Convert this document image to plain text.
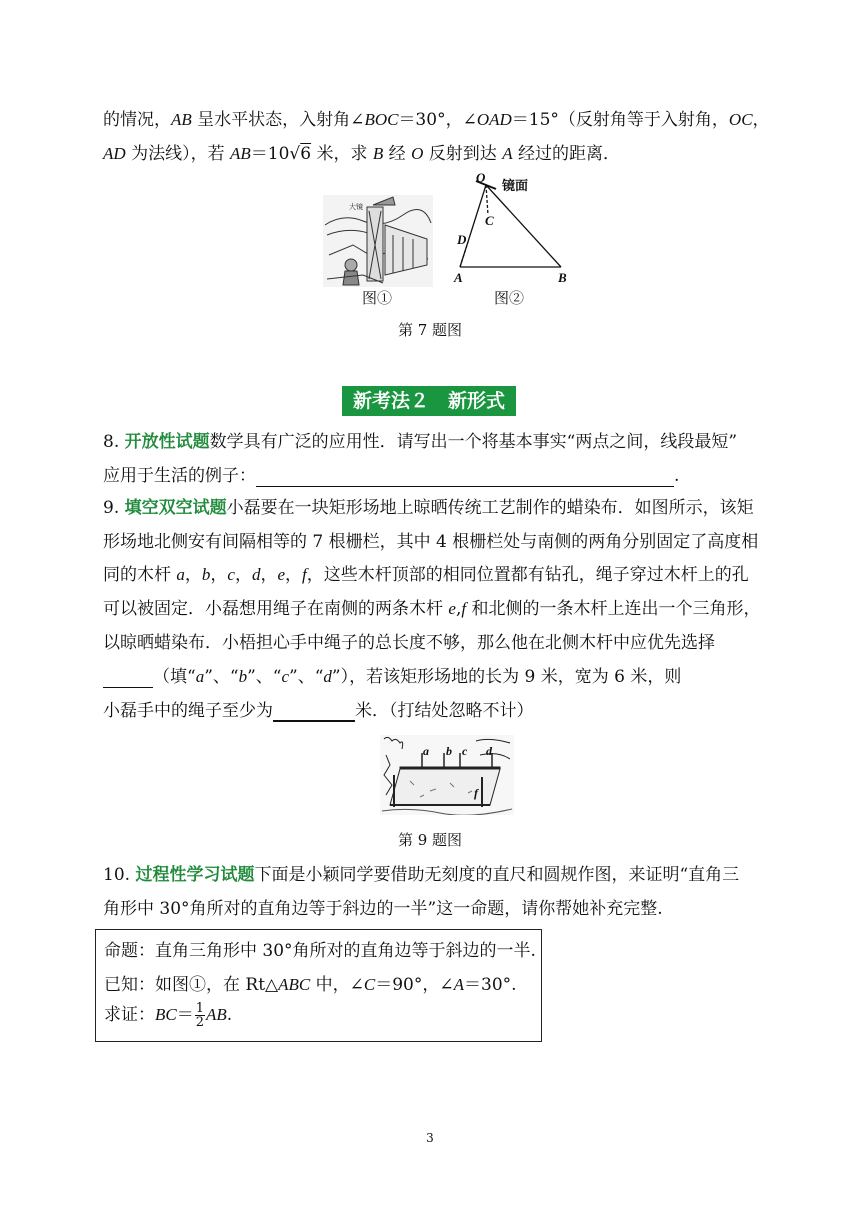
的情况，AB 呈水平状态，入射角∠BOC＝30°，∠OAD＝15°（反射角等于入射角，OC，
AD 为法线），若 AB＝10√6 米，求 B 经 O 反射到达 A 经过的距离．
大镜
图①
O
C
D
A	B
镜面
图②
第 7 题图
新考法２　新形式
8. 开放性试题数学具有广泛的应用性．请写出一个将基本事实“两点之间，线段最短”
应用于生活的例子：	.
9. 填空双空试题小磊要在一块矩形场地上晾晒传统工艺制作的蜡染布．如图所示，该矩
形场地北侧安有间隔相等的 7 根栅栏，其中 4 根栅栏处与南侧的两角分别固定了高度相
同的木杆 a，b，c，d，e，f，这些木杆顶部的相同位置都有钻孔，绳子穿过木杆上的孔
可以被固定．小磊想用绳子在南侧的两条木杆 e,f 和北侧的一条木杆上连出一个三角形，
以晾晒蜡染布．小梧担心手中绳子的总长度不够，那么他在北侧木杆中应优先选择
（填“a”、“b”、“c”、“d”），若该矩形场地的长为 9 米，宽为 6 米，则
小磊手中的绳子至少为	米．（打结处忽略不计）
a b c d
f
第 9 题图
10. 过程性学习试题下面是小颖同学要借助无刻度的直尺和圆规作图，来证明“直角三
角形中 30°角所对的直角边等于斜边的一半”这一命题，请你帮她补充完整.
命题：直角三角形中 30°角所对的直角边等于斜边的一半.
已知：如图①，在 Rt△ABC 中，∠C＝90°，∠A＝30°.
求证：$BC= \frac{1}{2}$ AB.
3
